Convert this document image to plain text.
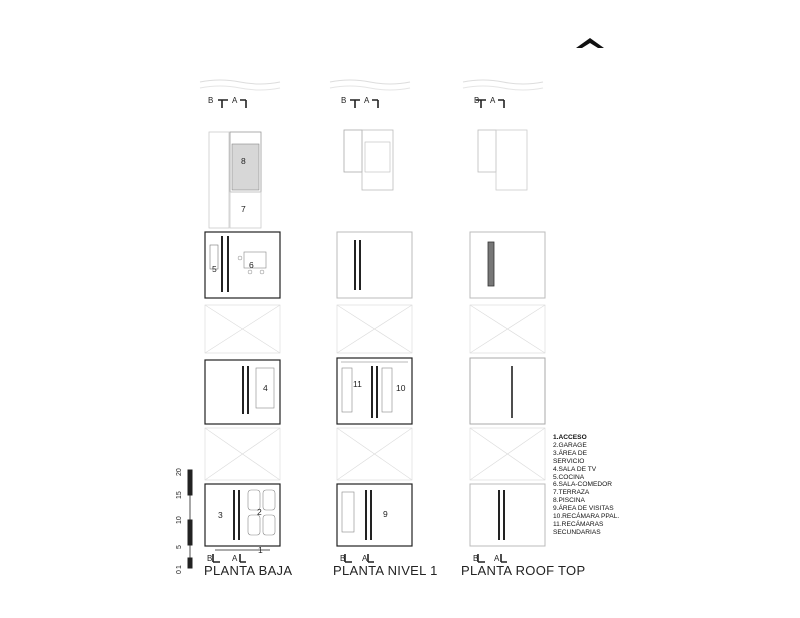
B A	B A	B A
B A	B A	B A
8
7
5	6
4
3	2
1
11	10
9
0
1
5
10
15
20
PLANTA BAJA	PLANTA NIVEL 1 PLANTA ROOF TOP
1.ACCESO
2.GARAGE
3.ÁREA DE
SERVICIO
4.SALA DE TV
5.COCINA
6.SALA-COMEDOR
7.TERRAZA
8.PISCINA
9.ÁREA DE VISITAS
10.RECÁMARA PPAL.
11.RECÁMARAS
SECUNDARIAS
